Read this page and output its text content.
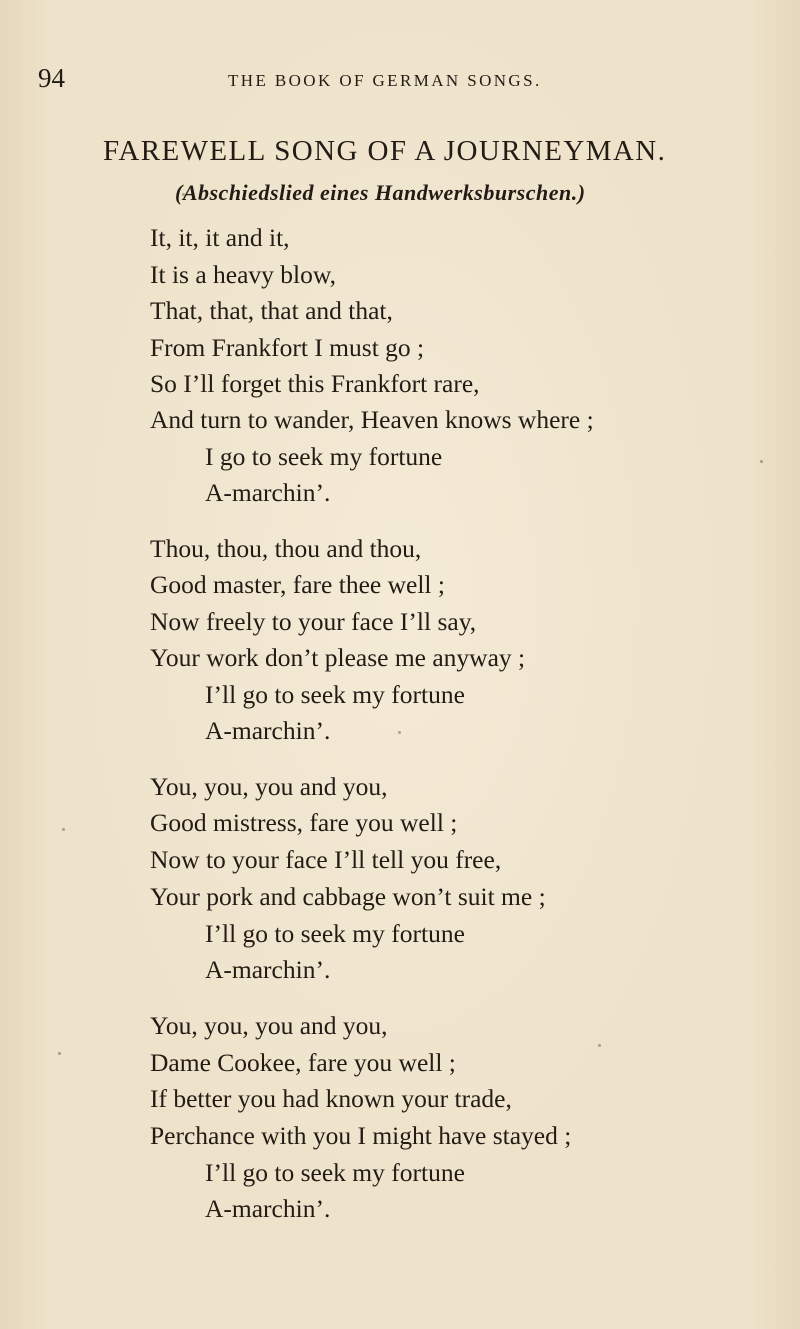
94	THE BOOK OF GERMAN SONGS.
FAREWELL SONG OF A JOURNEYMAN.
(Abschiedslied eines Handwerksburschen.)
It, it, it and it,
It is a heavy blow,
That, that, that and that,
From Frankfort I must go ;
So I’ll forget this Frankfort rare,
And turn to wander, Heaven knows where ;
I go to seek my fortune
A-marchin’.
Thou, thou, thou and thou,
Good master, fare thee well ;
Now freely to your face I’ll say,
Your work don’t please me anyway ;
I’ll go to seek my fortune
A-marchin’.
You, you, you and you,
Good mistress, fare you well ;
Now to your face I’ll tell you free,
Your pork and cabbage won’t suit me ;
I’ll go to seek my fortune
A-marchin’.
You, you, you and you,
Dame Cookee, fare you well ;
If better you had known your trade,
Perchance with you I might have stayed ;
I’ll go to seek my fortune
A-marchin’.
